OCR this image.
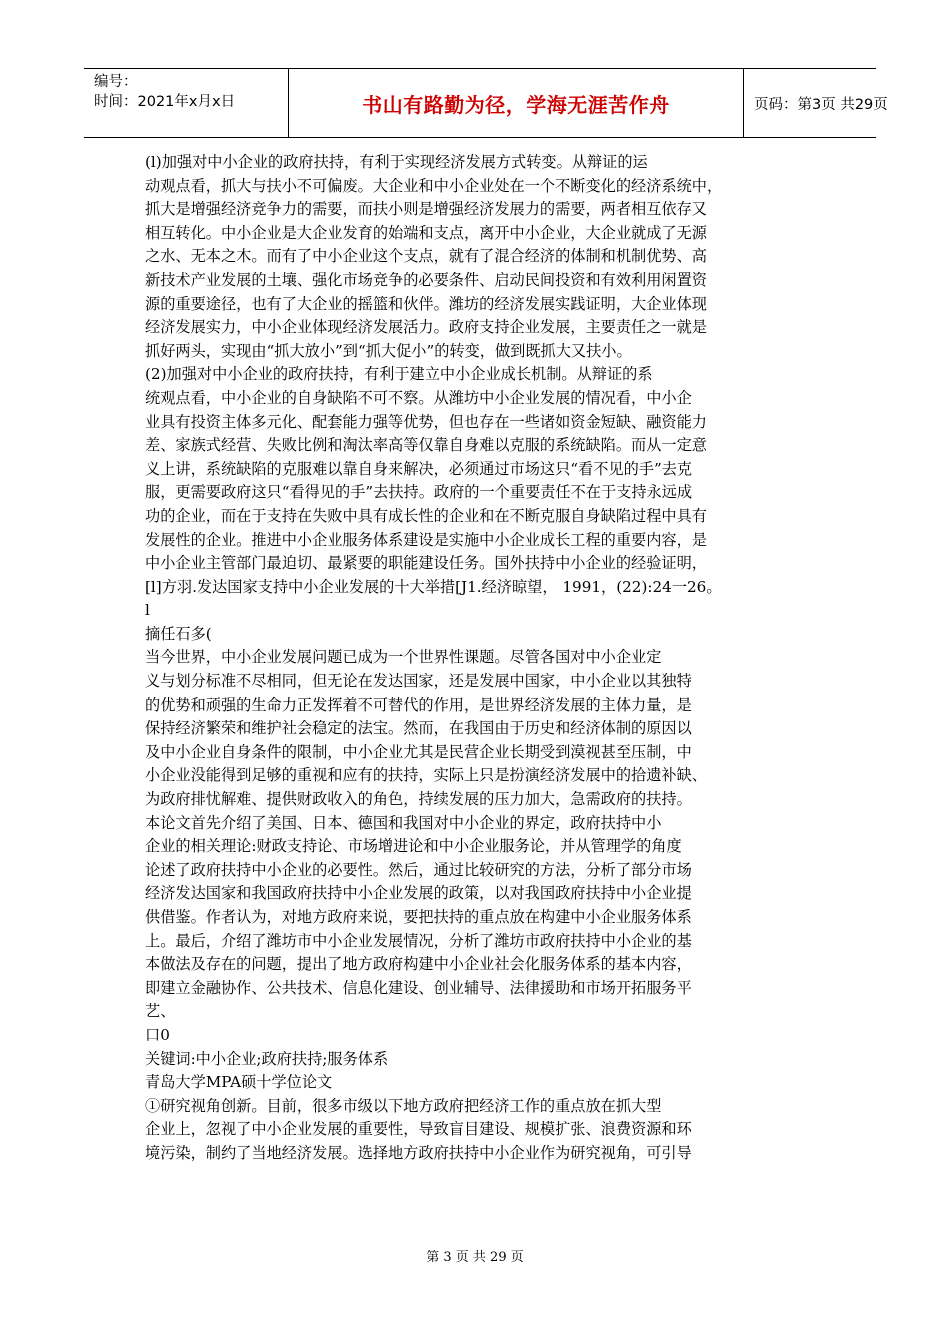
编号：
时间：2021年x月x日	书山有路勤为径，学海无涯苦作舟	页码：第3页 共29页
(l)加强对中小企业的政府扶持，有利于实现经济发展方式转变。从辩证的运
动观点看，抓大与扶小不可偏废。大企业和中小企业处在一个不断变化的经济系统中，
抓大是增强经济竞争力的需要，而扶小则是增强经济发展力的需要，两者相互依存又
相互转化。中小企业是大企业发育的始端和支点，离开中小企业，大企业就成了无源
之水、无本之木。而有了中小企业这个支点，就有了混合经济的体制和机制优势、高
新技术产业发展的土壤、强化市场竞争的必要条件、启动民间投资和有效利用闲置资
源的重要途径，也有了大企业的摇篮和伙伴。潍坊的经济发展实践证明，大企业体现
经济发展实力，中小企业体现经济发展活力。政府支持企业发展，主要责任之一就是
抓好两头，实现由“抓大放小”到“抓大促小”的转变，做到既抓大又扶小。
(2)加强对中小企业的政府扶持，有利于建立中小企业成长机制。从辩证的系
统观点看，中小企业的自身缺陷不可不察。从潍坊中小企业发展的情况看，中小企
业具有投资主体多元化、配套能力强等优势，但也存在一些诸如资金短缺、融资能力
差、家族式经营、失败比例和淘汰率高等仅靠自身难以克服的系统缺陷。而从一定意
义上讲，系统缺陷的克服难以靠自身来解决，必须通过市场这只“看不见的手”去克
服，更需要政府这只“看得见的手”去扶持。政府的一个重要责任不在于支持永远成
功的企业，而在于支持在失败中具有成长性的企业和在不断克服自身缺陷过程中具有
发展性的企业。推进中小企业服务体系建设是实施中小企业成长工程的重要内容，是
中小企业主管部门最迫切、最紧要的职能建设任务。国外扶持中小企业的经验证明，
[l]方羽.发达国家支持中小企业发展的十大举措[J1.经济晾望， 1991，(22):24一26。
l
摘任石多(
当今世界，中小企业发展问题已成为一个世界性课题。尽管各国对中小企业定
义与划分标准不尽相同，但无论在发达国家，还是发展中国家，中小企业以其独特
的优势和顽强的生命力正发挥着不可替代的作用，是世界经济发展的主体力量，是
保持经济繁荣和维护社会稳定的法宝。然而，在我国由于历史和经济体制的原因以
及中小企业自身条件的限制，中小企业尤其是民营企业长期受到漠视甚至压制，中
小企业没能得到足够的重视和应有的扶持，实际上只是扮演经济发展中的拾遗补缺、
为政府排忧解难、提供财政收入的角色，持续发展的压力加大，急需政府的扶持。
本论文首先介绍了美国、日本、德国和我国对中小企业的界定，政府扶持中小
企业的相关理论:财政支持论、市场增进论和中小企业服务论，并从管理学的角度
论述了政府扶持中小企业的必要性。然后，通过比较研究的方法，分析了部分市场
经济发达国家和我国政府扶持中小企业发展的政策，以对我国政府扶持中小企业提
供借鉴。作者认为，对地方政府来说，要把扶持的重点放在构建中小企业服务体系
上。最后，介绍了潍坊市中小企业发展情况，分析了潍坊市政府扶持中小企业的基
本做法及存在的问题，提出了地方政府构建中小企业社会化服务体系的基本内容，
即建立金融协作、公共技术、信息化建设、创业辅导、法律援助和市场开拓服务平
艺、
口0
关键词:中小企业;政府扶持;服务体系
青岛大学MPA硕十学位论文
①研究视角创新。目前，很多市级以下地方政府把经济工作的重点放在抓大型
企业上，忽视了中小企业发展的重要性，导致盲目建设、规模扩张、浪费资源和环
境污染，制约了当地经济发展。选择地方政府扶持中小企业作为研究视角，可引导
第 3 页 共 29 页
